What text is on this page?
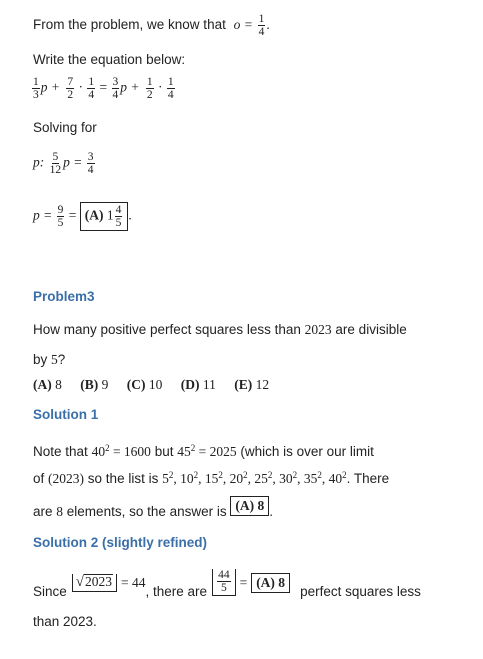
From the problem, we know that $o = \frac{1}{4}$ .
Write the equation below:
$\frac{1}{3}$ $p + \frac{7}{2} \cdot \frac{1}{4} = \frac{3}{4}$ $p + \frac{1}{2} \cdot \frac{1}{4}$
Solving for
p: $\frac{5}{12}$ $p = \frac{3}{4}$
$p = \frac{9}{5} = (A)$ $1 \frac{4}{5}$ .
Problem3
How many positive perfect squares less than 2023 are divisible
by 5?
(A) 8 (B) 9 (C) 10 (D) 11 (E) 12
Solution 1
Note that $40^2 = 1600$ but $45^2 = 2025$ (which is over our limit
of (2023) so the list is $5^2$, $10^2$, $15^2$, $20^2$, $25^2$, $30^2$, $35^2$, $40^2$. There
are 8 elements, so the answer is (A) 8 .
Solution 2 (slightly refined)
Since
√ 2023 = 44
, there are $\frac{44}{5} = (A)$ 8
perfect squares less
than 2023.
